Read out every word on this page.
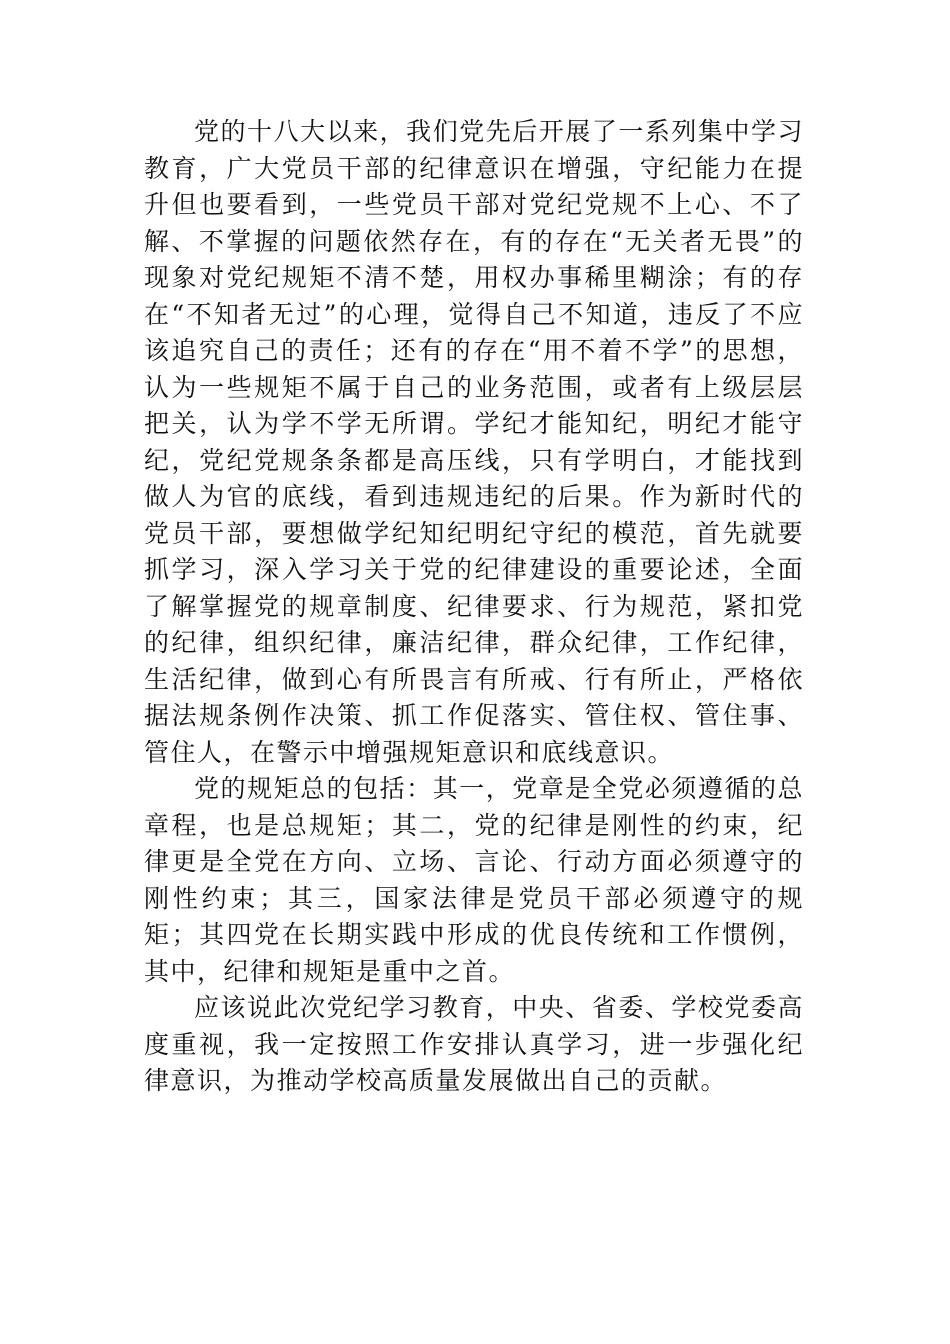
党的十八大以来，我们党先后开展了一系列集中学习教育，广大党员干部的纪律意识在增强，守纪能力在提升但也要看到，一些党员干部对党纪党规不上心、不了解、不掌握的问题依然存在，有的存在“无关者无畏”的现象对党纪规矩不清不楚，用权办事稀里糊涂；有的存在“不知者无过”的心理，觉得自己不知道，违反了不应该追究自己的责任；还有的存在“用不着不学”的思想，认为一些规矩不属于自己的业务范围，或者有上级层层把关，认为学不学无所谓。学纪才能知纪，明纪才能守纪，党纪党规条条都是高压线，只有学明白，才能找到做人为官的底线，看到违规违纪的后果。作为新时代的党员干部，要想做学纪知纪明纪守纪的模范，首先就要抓学习，深入学习关于党的纪律建设的重要论述，全面了解掌握党的规章制度、纪律要求、行为规范，紧扣党的纪律，组织纪律，廉洁纪律，群众纪律，工作纪律，生活纪律，做到心有所畏言有所戒、行有所止，严格依据法规条例作决策、抓工作促落实、管住权、管住事、管住人，在警示中增强规矩意识和底线意识。

党的规矩总的包括：其一，党章是全党必须遵循的总章程，也是总规矩；其二，党的纪律是刚性的约束，纪律更是全党在方向、立场、言论、行动方面必须遵守的刚性约束；其三，国家法律是党员干部必须遵守的规矩；其四党在长期实践中形成的优良传统和工作惯例，其中，纪律和规矩是重中之首。

应该说此次党纪学习教育，中央、省委、学校党委高度重视，我一定按照工作安排认真学习，进一步强化纪律意识，为推动学校高质量发展做出自己的贡献。
